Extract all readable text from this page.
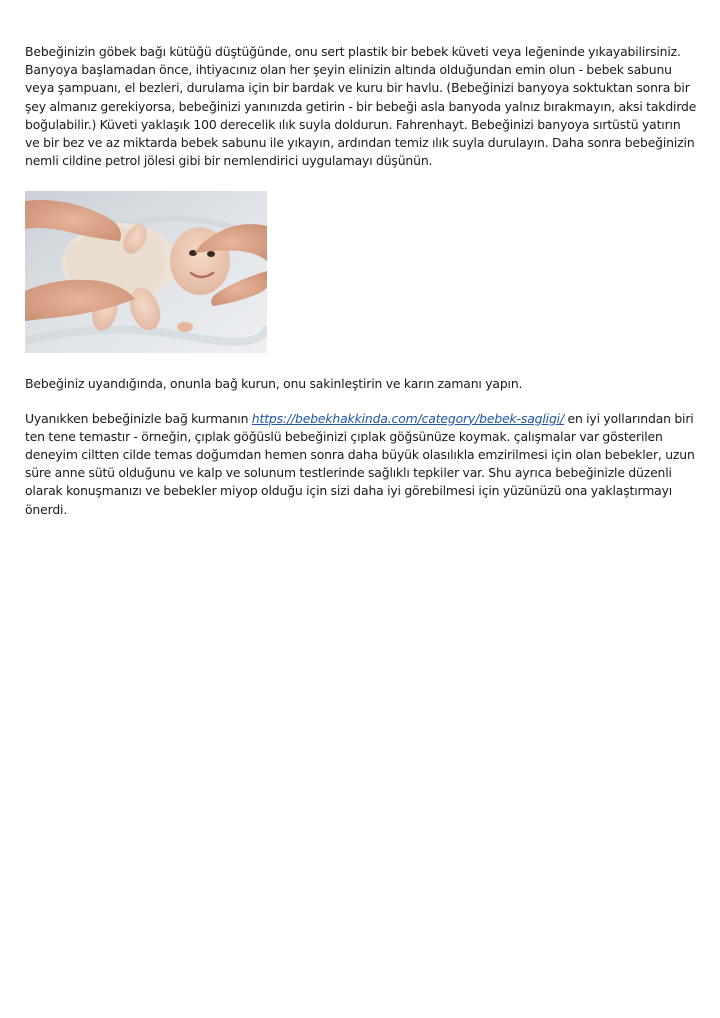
Bebeğinizin göbek bağı kütüğü düştüğünde, onu sert plastik bir bebek küveti veya leğeninde yıkayabilirsiniz. Banyoya başlamadan önce, ihtiyacınız olan her şeyin elinizin altında olduğundan emin olun - bebek sabunu veya şampuanı, el bezleri, durulama için bir bardak ve kuru bir havlu. (Bebeğinizi banyoya soktuktan sonra bir şey almanız gerekiyorsa, bebeğinizi yanınızda getirin - bir bebeği asla banyoda yalnız bırakmayın, aksi takdirde boğulabilir.) Küveti yaklaşık 100 derecelik ılık suyla doldurun. Fahrenhayt. Bebeğinizi banyoya sırtüstü yatırın ve bir bez ve az miktarda bebek sabunu ile yıkayın, ardından temiz ılık suyla durulayın. Daha sonra bebeğinizin nemli cildine petrol jölesi gibi bir nemlendirici uygulamayı düşünün.

Bebeğiniz uyandığında, onunla bağ kurun, onu sakinleştirin ve karın zamanı yapın.

Uyanıkken bebeğinizle bağ kurmanın https://bebekhakkinda.com/category/bebek-sagligi/ en iyi yollarından biri ten tene temastır - örneğin, çıplak göğüslü bebeğinizi çıplak göğsünüze koymak. çalışmalar var gösterilen deneyim ciltten cilde temas doğumdan hemen sonra daha büyük olasılıkla emzirilmesi için olan bebekler, uzun süre anne sütü olduğunu ve kalp ve solunum testlerinde sağlıklı tepkiler var. Shu ayrıca bebeğinizle düzenli olarak konuşmanızı ve bebekler miyop olduğu için sizi daha iyi görebilmesi için yüzünüzü ona yaklaştırmayı önerdi.
